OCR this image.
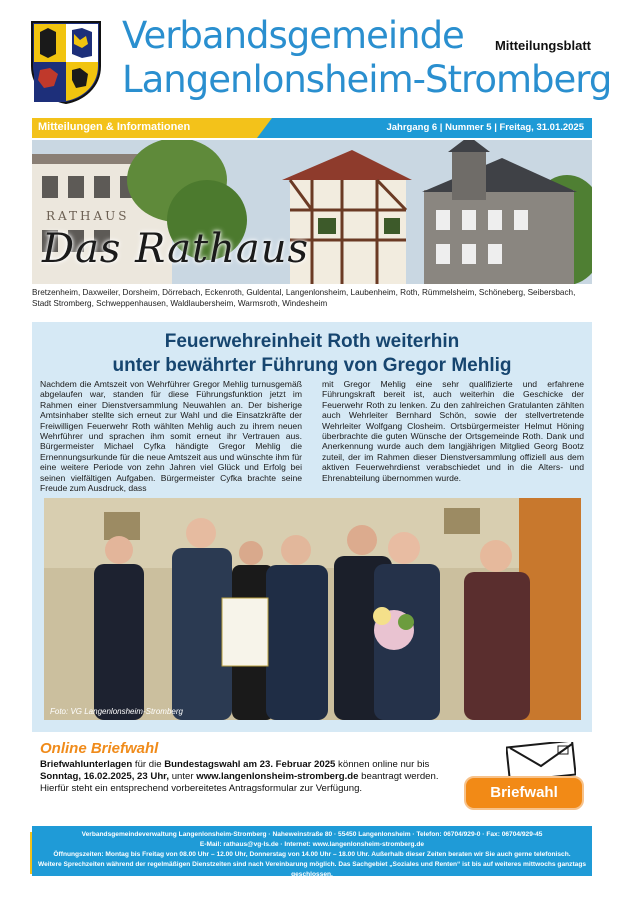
Verbandsgemeinde
Langenlonsheim-Stromberg
Mitteilungsblatt
Mitteilungen & Informationen	Jahrgang 6 | Nummer 5 | Freitag, 31.01.2025
RATHAUS
Das Rathaus
Bretzenheim, Daxweiler, Dorsheim, Dörrebach, Eckenroth, Guldental, Langenlonsheim, Laubenheim, Roth, Rümmelsheim, Schöneberg, Seibersbach, Stadt Stromberg, Schweppenhausen, Waldlaubersheim, Warmsroth, Windesheim
Feuerwehreinheit Roth weiterhin
unter bewährter Führung von Gregor Mehlig
Nachdem die Amtszeit von Wehrführer Gregor Mehlig turnusgemäß abgelaufen war, standen für diese Führungsfunktion jetzt im Rahmen einer Dienstversammlung Neuwahlen an. Der bisherige Amtsinhaber stellte sich erneut zur Wahl und die Einsatzkräfte der Freiwilligen Feuerwehr Roth wählten Mehlig auch zu ihrem neuen Wehrführer und sprachen ihm somit erneut ihr Vertrauen aus. Bürgermeister Michael Cyfka händigte Gregor Mehlig die Ernennungsurkunde für die neue Amtszeit aus und wünschte ihm für eine weitere Periode von zehn Jahren viel Glück und Erfolg bei seinen vielfältigen Aufgaben. Bürgermeister Cyfka brachte seine Freude zum Ausdruck, dass
mit Gregor Mehlig eine sehr qualifizierte und erfahrene Führungskraft bereit ist, auch weiterhin die Geschicke der Feuerwehr Roth zu lenken. Zu den zahlreichen Gratulanten zählten auch Wehrleiter Bernhard Schön, sowie der stellvertretende Wehrleiter Wolfgang Closheim. Ortsbürgermeister Helmut Höning überbrachte die guten Wünsche der Ortsgemeinde Roth. Dank und Anerkennung wurde auch dem langjährigen Mitglied Georg Bootz zuteil, der im Rahmen dieser Dienstversammlung offiziell aus dem aktiven Feuerwehrdienst verabschiedet und in die Alters- und Ehrenabteilung übernommen wurde.
Foto: VG Langenlonsheim-Stromberg
Online Briefwahl
Briefwahlunterlagen für die Bundestagswahl am 23. Februar 2025 können online nur bis Sonntag, 16.02.2025, 23 Uhr, unter www.langenlonsheim-stromberg.de beantragt werden.
Hierfür steht ein entsprechend vorbereitetes Antragsformular zur Verfügung.	Briefwahl
Verbandsgemeindeverwaltung Langenlonsheim-Stromberg · Naheweinstraße 80 · 55450 Langenlonsheim · Telefon: 06704/929-0 · Fax: 06704/929-45
E-Mail: rathaus@vg-ls.de · Internet: www.langenlonsheim-stromberg.de
Öffnungszeiten: Montag bis Freitag von 08.00 Uhr – 12.00 Uhr, Donnerstag von 14.00 Uhr – 18.00 Uhr. Außerhalb dieser Zeiten beraten wir Sie auch gerne telefonisch.
Weitere Sprechzeiten während der regelmäßigen Dienstzeiten sind nach Vereinbarung möglich. Das Sachgebiet „Soziales und Renten“ ist bis auf weiteres mittwochs ganztags geschlossen.
